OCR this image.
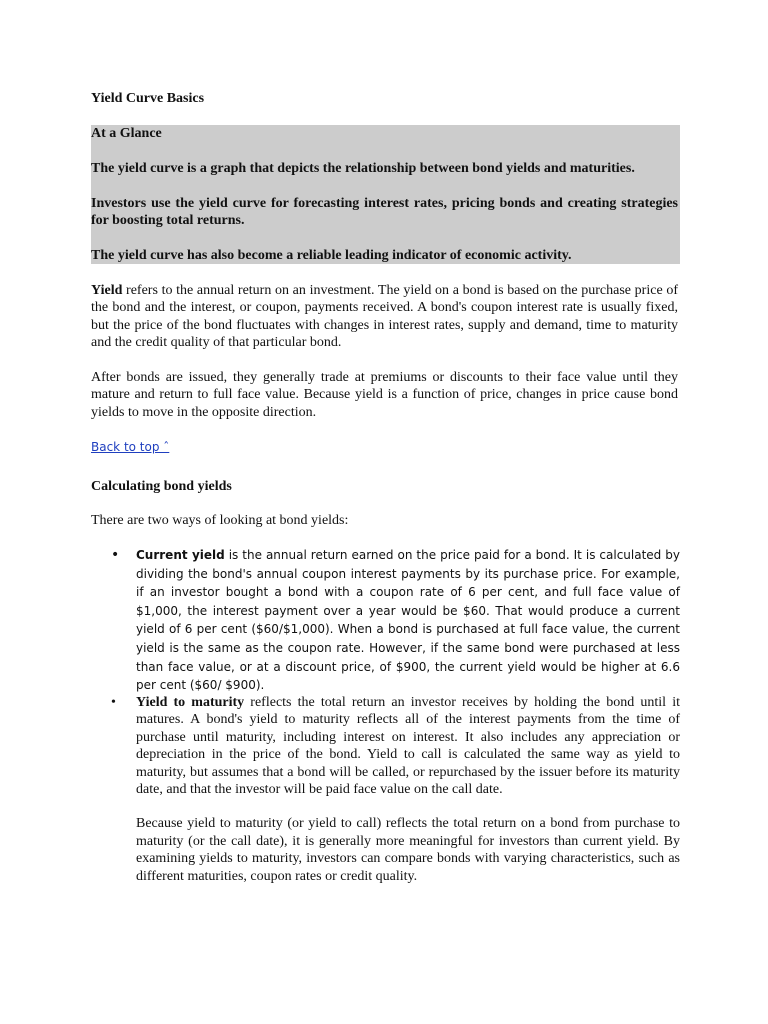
Yield Curve Basics
At a Glance
The yield curve is a graph that depicts the relationship between bond yields and maturities.
Investors use the yield curve for forecasting interest rates, pricing bonds and creating strategies for boosting total returns.
The yield curve has also become a reliable leading indicator of economic activity.
Yield refers to the annual return on an investment. The yield on a bond is based on the purchase price of the bond and the interest, or coupon, payments received. A bond's coupon interest rate is usually fixed, but the price of the bond fluctuates with changes in interest rates, supply and demand, time to maturity and the credit quality of that particular bond.
After bonds are issued, they generally trade at premiums or discounts to their face value until they mature and return to full face value. Because yield is a function of price, changes in price cause bond yields to move in the opposite direction.
Back to top ˆ
Calculating bond yields
There are two ways of looking at bond yields:
• Current yield is the annual return earned on the price paid for a bond. It is calculated by dividing the bond's annual coupon interest payments by its purchase price. For example, if an investor bought a bond with a coupon rate of 6 per cent, and full face value of $1,000, the interest payment over a year would be $60. That would produce a current yield of 6 per cent ($60/$1,000). When a bond is purchased at full face value, the current yield is the same as the coupon rate. However, if the same bond were purchased at less than face value, or at a discount price, of $900, the current yield would be higher at 6.6 per cent ($60/ $900).
• Yield to maturity reflects the total return an investor receives by holding the bond until it matures. A bond's yield to maturity reflects all of the interest payments from the time of purchase until maturity, including interest on interest. It also includes any appreciation or depreciation in the price of the bond. Yield to call is calculated the same way as yield to maturity, but assumes that a bond will be called, or repurchased by the issuer before its maturity date, and that the investor will be paid face value on the call date.
Because yield to maturity (or yield to call) reflects the total return on a bond from purchase to maturity (or the call date), it is generally more meaningful for investors than current yield. By examining yields to maturity, investors can compare bonds with varying characteristics, such as different maturities, coupon rates or credit quality.
